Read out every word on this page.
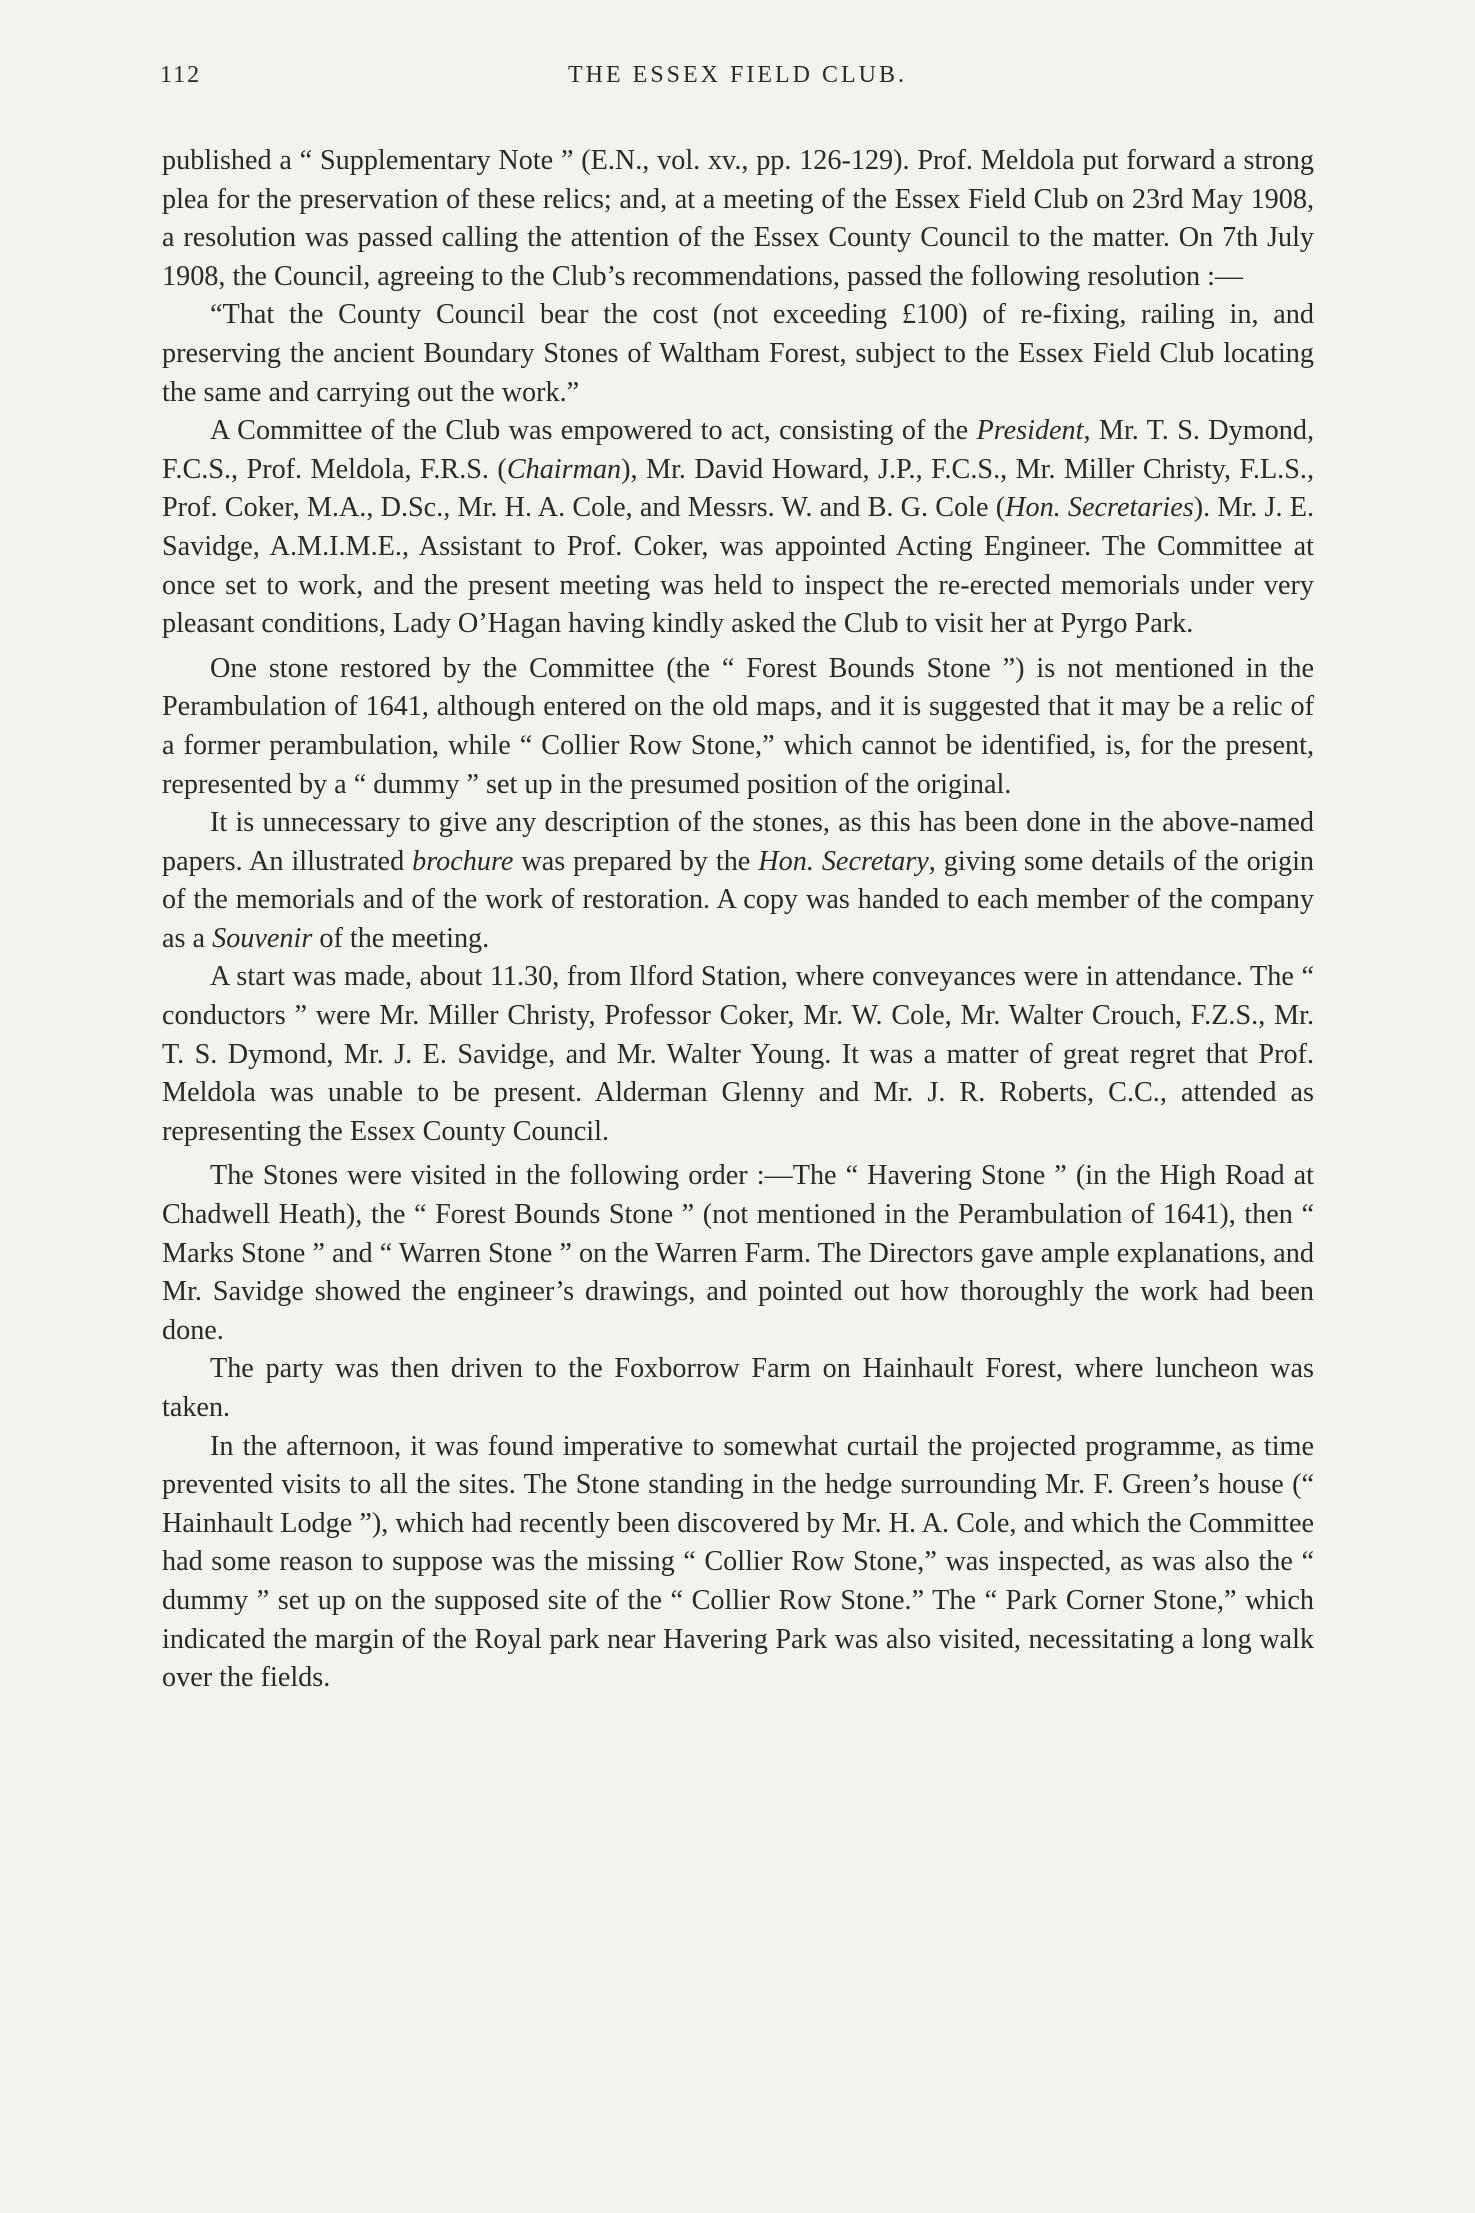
112	THE ESSEX FIELD CLUB.

published a “ Supplementary Note ” (E.N., vol. xv., pp. 126-129). Prof. Meldola put forward a strong plea for the preservation of these relics; and, at a meeting of the Essex Field Club on 23rd May 1908, a resolution was passed calling the attention of the Essex County Council to the matter. On 7th July 1908, the Council, agreeing to the Club’s recommendations, passed the following resolution :—

“That the County Council bear the cost (not exceeding £100) of re-fixing, railing in, and preserving the ancient Boundary Stones of Waltham Forest, subject to the Essex Field Club locating the same and carrying out the work.”

A Committee of the Club was empowered to act, consisting of the President, Mr. T. S. Dymond, F.C.S., Prof. Meldola, F.R.S. (Chairman), Mr. David Howard, J.P., F.C.S., Mr. Miller Christy, F.L.S., Prof. Coker, M.A., D.Sc., Mr. H. A. Cole, and Messrs. W. and B. G. Cole (Hon. Secretaries). Mr. J. E. Savidge, A.M.I.M.E., Assistant to Prof. Coker, was appointed Acting Engineer. The Committee at once set to work, and the present meeting was held to inspect the re-erected memorials under very pleasant conditions, Lady O’Hagan having kindly asked the Club to visit her at Pyrgo Park.

One stone restored by the Committee (the “ Forest Bounds Stone ”) is not mentioned in the Perambulation of 1641, although entered on the old maps, and it is suggested that it may be a relic of a former perambulation, while “ Collier Row Stone,” which cannot be identified, is, for the present, represented by a “ dummy ” set up in the presumed position of the original.

It is unnecessary to give any description of the stones, as this has been done in the above-named papers. An illustrated brochure was prepared by the Hon. Secretary, giving some details of the origin of the memorials and of the work of restoration. A copy was handed to each member of the company as a Souvenir of the meeting.

A start was made, about 11.30, from Ilford Station, where conveyances were in attendance. The “ conductors ” were Mr. Miller Christy, Professor Coker, Mr. W. Cole, Mr. Walter Crouch, F.Z.S., Mr. T. S. Dymond, Mr. J. E. Savidge, and Mr. Walter Young. It was a matter of great regret that Prof. Meldola was unable to be present. Alderman Glenny and Mr. J. R. Roberts, C.C., attended as representing the Essex County Council.

The Stones were visited in the following order :—The “ Havering Stone ” (in the High Road at Chadwell Heath), the “ Forest Bounds Stone ” (not mentioned in the Perambulation of 1641), then “ Marks Stone ” and “ Warren Stone ” on the Warren Farm. The Directors gave ample explanations, and Mr. Savidge showed the engineer’s drawings, and pointed out how thoroughly the work had been done.

The party was then driven to the Foxborrow Farm on Hainhault Forest, where luncheon was taken.

In the afternoon, it was found imperative to somewhat curtail the projected programme, as time prevented visits to all the sites. The Stone standing in the hedge surrounding Mr. F. Green’s house (“ Hainhault Lodge ”), which had recently been discovered by Mr. H. A. Cole, and which the Committee had some reason to suppose was the missing “ Collier Row Stone,” was inspected, as was also the “ dummy ” set up on the supposed site of the “ Collier Row Stone.” The “ Park Corner Stone,” which indicated the margin of the Royal park near Havering Park was also visited, necessitating a long walk over the fields.
